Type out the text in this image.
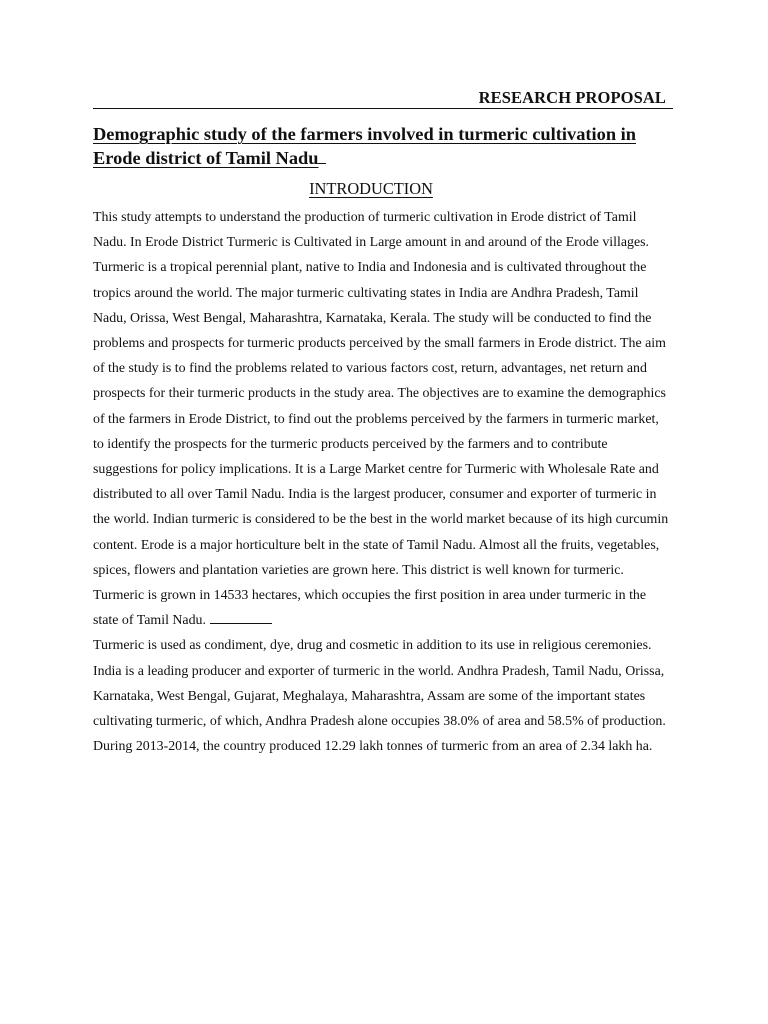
RESEARCH PROPOSAL
Demographic study of the farmers involved in turmeric cultivation in Erode district of Tamil Nadu
INTRODUCTION

This study attempts to understand the production of turmeric cultivation in Erode district of Tamil Nadu. In Erode District Turmeric is Cultivated in Large amount in and around of the Erode villages. Turmeric is a tropical perennial plant, native to India and Indonesia and is cultivated throughout the tropics around the world. The major turmeric cultivating states in India are Andhra Pradesh, Tamil Nadu, Orissa, West Bengal, Maharashtra, Karnataka, Kerala. The study will be conducted to find the problems and prospects for turmeric products perceived by the small farmers in Erode district. The aim of the study is to find the problems related to various factors cost, return, advantages, net return and prospects for their turmeric products in the study area. The objectives are to examine the demographics of the farmers in Erode District, to find out the problems perceived by the farmers in turmeric market, to identify the prospects for the turmeric products perceived by the farmers and to contribute suggestions for policy implications. It is a Large Market centre for Turmeric with Wholesale Rate and distributed to all over Tamil Nadu. India is the largest producer, consumer and exporter of turmeric in the world. Indian turmeric is considered to be the best in the world market because of its high curcumin content. Erode is a major horticulture belt in the state of Tamil Nadu. Almost all the fruits, vegetables, spices, flowers and plantation varieties are grown here. This district is well known for turmeric. Turmeric is grown in 14533 hectares, which occupies the first position in area under turmeric in the state of Tamil Nadu.

Turmeric is used as condiment, dye, drug and cosmetic in addition to its use in religious ceremonies. India is a leading producer and exporter of turmeric in the world. Andhra Pradesh, Tamil Nadu, Orissa, Karnataka, West Bengal, Gujarat, Meghalaya, Maharashtra, Assam are some of the important states cultivating turmeric, of which, Andhra Pradesh alone occupies 38.0% of area and 58.5% of production. During 2013-2014, the country produced 12.29 lakh tonnes of turmeric from an area of 2.34 lakh ha.
